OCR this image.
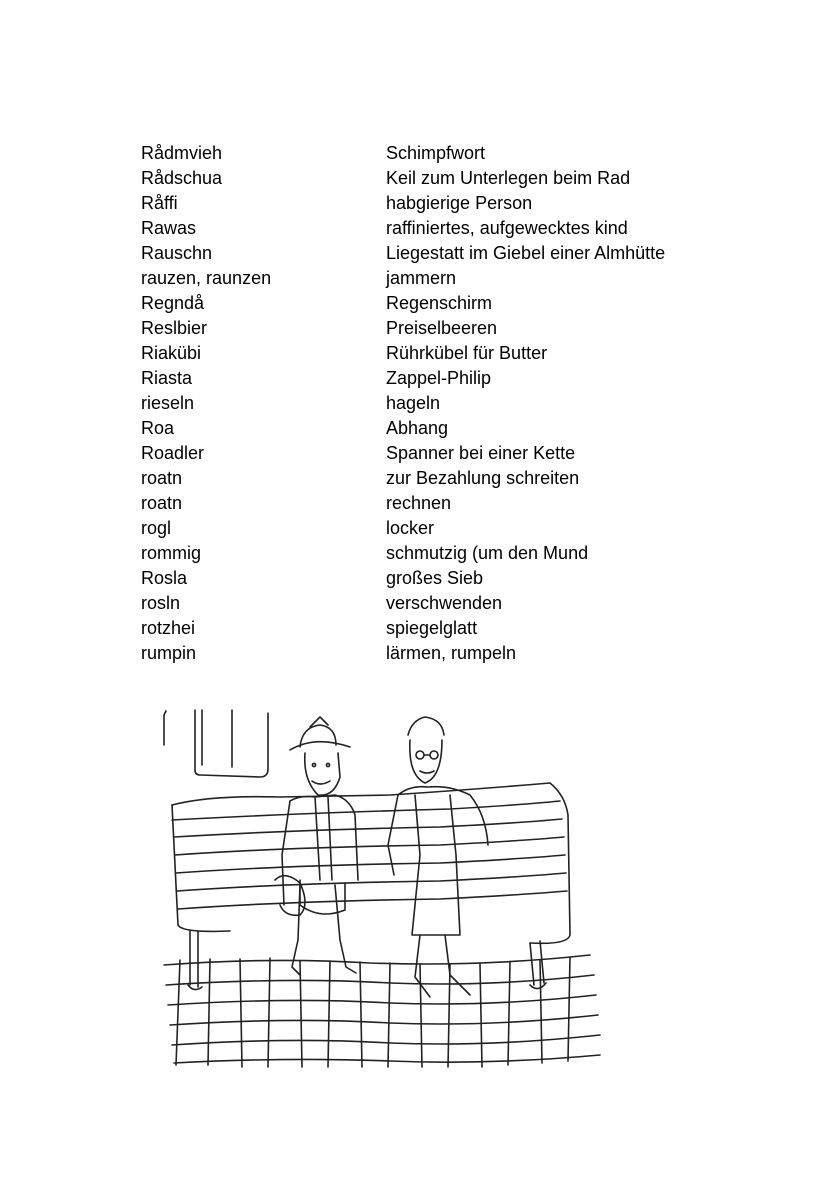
Rådmvieh	Schimpfwort
Rådschua	Keil zum Unterlegen beim Rad
Råffi	habgierige Person
Rawas	raffiniertes, aufgewecktes kind
Rauschn	Liegestatt im Giebel einer Almhütte
rauzen, raunzen	jammern
Regndå	Regenschirm
Reslbier	Preiselbeeren
Riakübi	Rührkübel für Butter
Riasta	Zappel-Philip
rieseln	hageln
Roa	Abhang
Roadler	Spanner bei einer Kette
roatn	zur Bezahlung schreiten
roatn	rechnen
rogl	locker
rommig	schmutzig (um den Mund
Rosla	großes Sieb
rosln	verschwenden
rotzhei	spiegelglatt
rumpin	lärmen, rumpeln
